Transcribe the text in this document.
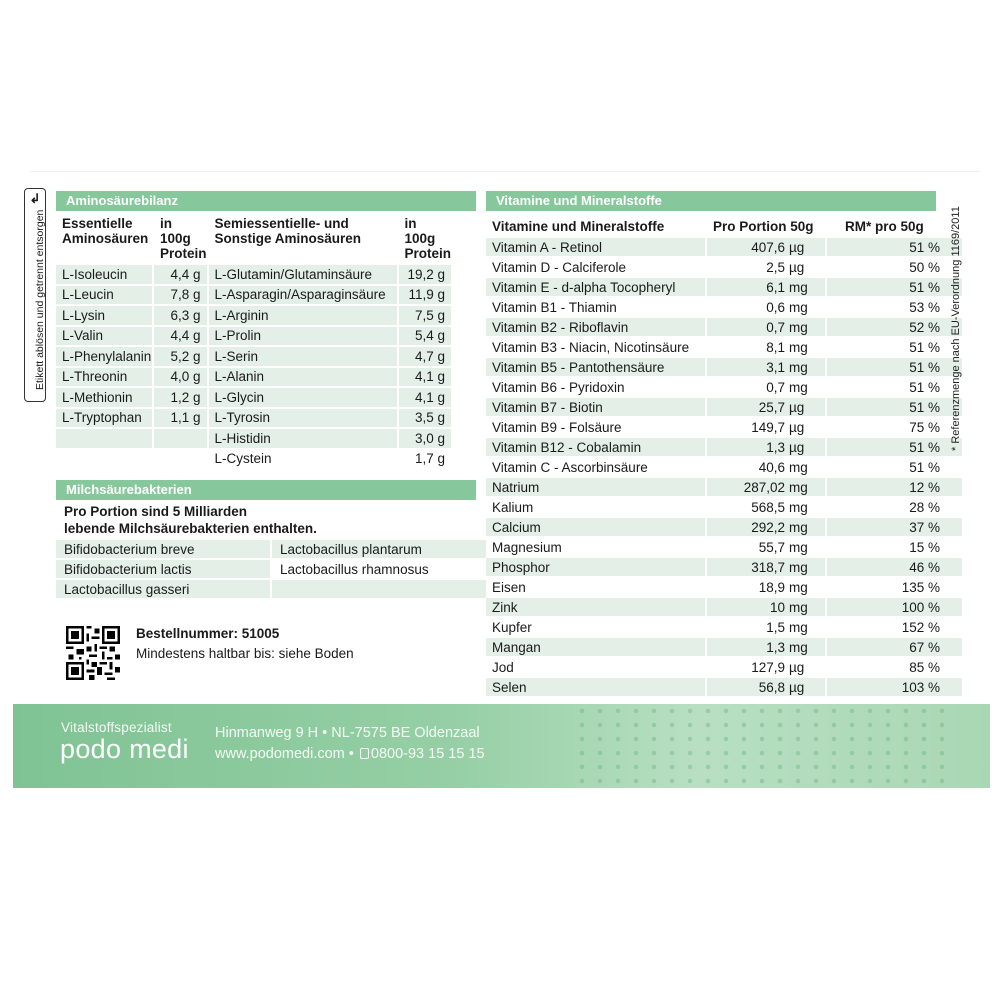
↲
Etikett ablösen und getrennt entsorgen
Aminosäurebilanz
Essentielle Aminosäuren	in 100g Protein	Semiessentielle- und Sonstige Aminosäuren	in 100g Protein
L-Isoleucin	4,4 g	L-Glutamin/Glutaminsäure	19,2 g
L-Leucin	7,8 g	L-Asparagin/Asparaginsäure	11,9 g
L-Lysin	6,3 g	L-Arginin	7,5 g
L-Valin	4,4 g	L-Prolin	5,4 g
L-Phenylalanin	5,2 g	L-Serin	4,7 g
L-Threonin	4,0 g	L-Alanin	4,1 g
L-Methionin	1,2 g	L-Glycin	4,1 g
L-Tryptophan	1,1 g	L-Tyrosin	3,5 g
		L-Histidin	3,0 g
		L-Cystein	1,7 g
Milchsäurebakterien
Pro Portion sind 5 Milliarden
lebende Milchsäurebakterien enthalten.
Bifidobacterium breve	Lactobacillus plantarum
Bifidobacterium lactis	Lactobacillus rhamnosus
Lactobacillus gasseri	
Bestellnummer: 51005
Mindestens haltbar bis: siehe Boden
Vitamine und Mineralstoffe
Vitamine und Mineralstoffe	Pro Portion 50g	RM* pro 50g
Vitamin A - Retinol	407,6 µg	51 %
Vitamin D - Calciferole	2,5 µg	50 %
Vitamin E - d-alpha Tocopheryl	6,1 mg	51 %
Vitamin B1 - Thiamin	0,6 mg	53 %
Vitamin B2 - Riboflavin	0,7 mg	52 %
Vitamin B3 - Niacin, Nicotinsäure	8,1 mg	51 %
Vitamin B5 - Pantothensäure	3,1 mg	51 %
Vitamin B6 - Pyridoxin	0,7 mg	51 %
Vitamin B7 - Biotin	25,7 µg	51 %
Vitamin B9 - Folsäure	149,7 µg	75 %
Vitamin B12 - Cobalamin	1,3 µg	51 %
Vitamin C - Ascorbinsäure	40,6 mg	51 %
Natrium	287,02 mg	12 %
Kalium	568,5 mg	28 %
Calcium	292,2 mg	37 %
Magnesium	55,7 mg	15 %
Phosphor	318,7 mg	46 %
Eisen	18,9 mg	135 %
Zink	10 mg	100 %
Kupfer	1,5 mg	152 %
Mangan	1,3 mg	67 %
Jod	127,9 µg	85 %
Selen	56,8 µg	103 %
* Referenzmenge nach EU-Verordnung 1169/2011
Vitalstoffspezialist
podo medi
Hinmanweg 9 H • NL-7575 BE Oldenzaal
www.podomedi.com • 0800-93 15 15 15
